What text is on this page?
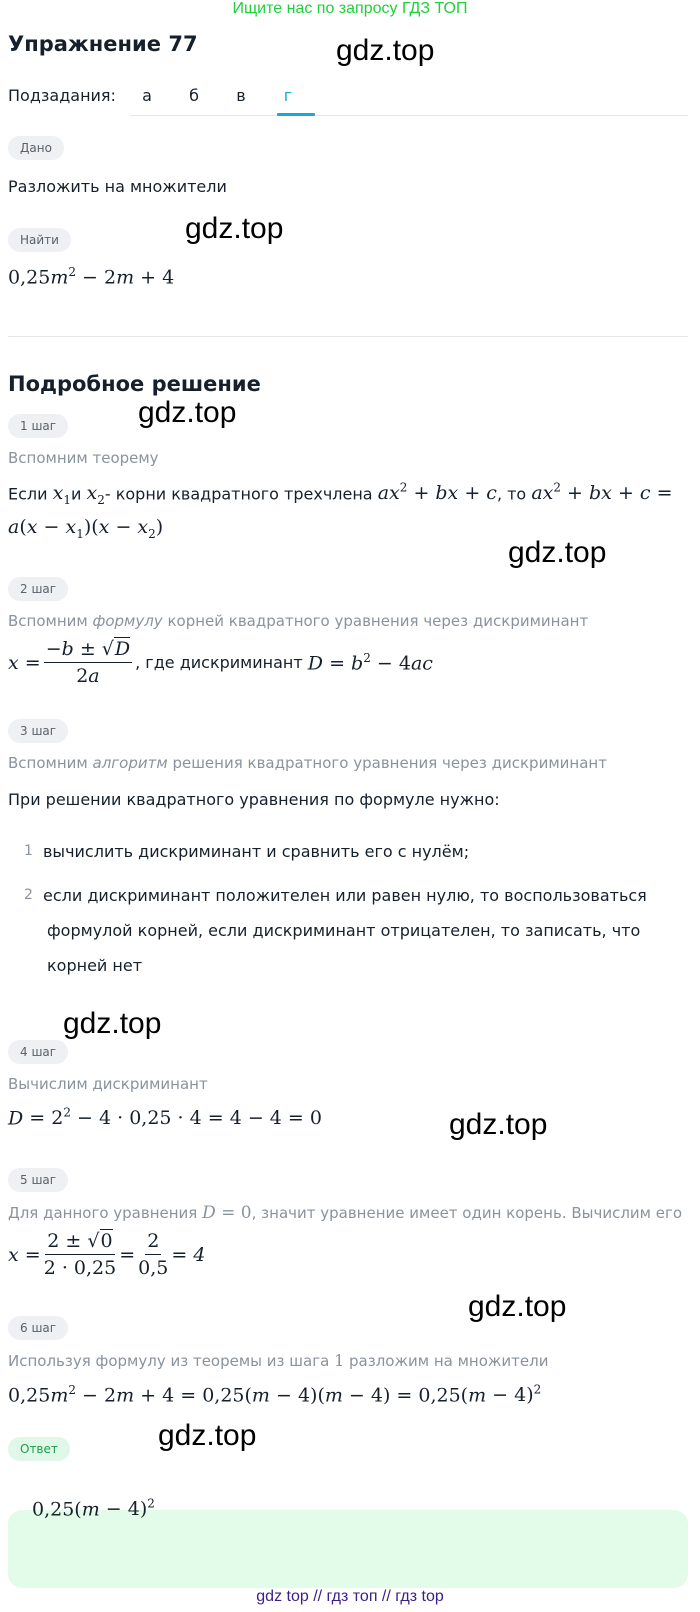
Ищите нас по запросу ГДЗ ТОП
Упражнение 77	gdz.top
gdz.top
gdz.top
gdz.top
gdz.top
gdz.top
gdz.top
gdz.top
Подзадания:	а	б	в	г
Дано
Разложить на множители
Найти
$0,25m^2 - 2m + 4$
Подробное решение
1 шаг
Вспомним теорему
Если $x_1и$ $x_2-$ корни квадратного трехчлена $ax^2$ + bx + c, то $ax^2$ + bx + c =
$a(x - x_1)(x - x_2)$
2 шаг
Вспомним формулу корней квадратного уравнения через дискриминант
$x = \frac{-b \pm √D}{2a}$ , где дискриминант
$D = b^2 - 4ac$
3 шаг
Вспомним алгоритм решения квадратного уравнения через дискриминант
При решении квадратного уравнения по формуле нужно:
1 вычислить дискриминант и сравнить его с нулём;
2 если дискриминант положителен или равен нулю, то воспользоваться
формулой корней, если дискриминант отрицателен, то записать, что
корней нет
4 шаг
Вычислим дискриминант
$D = 2^2 - 4 \cdot 0,25 \cdot 4 = 4 - 4 = 0$
5 шаг
Для данного уравнения D = 0, значит уравнение имеет один корень. Вычислим его
$x = \frac{2 \pm √0}{2 \cdot 0,25} = \frac{2}{0,5} = 4$
6 шаг
Используя формулу из теоремы из шага 1 разложим на множители
$0,25m^2 - 2m + 4 = 0,25(m - 4)(m - 4) = 0,25(m - 4)^2$
Ответ
$0,25(m - 4)^2$
gdz top // гдз топ // гдз top
